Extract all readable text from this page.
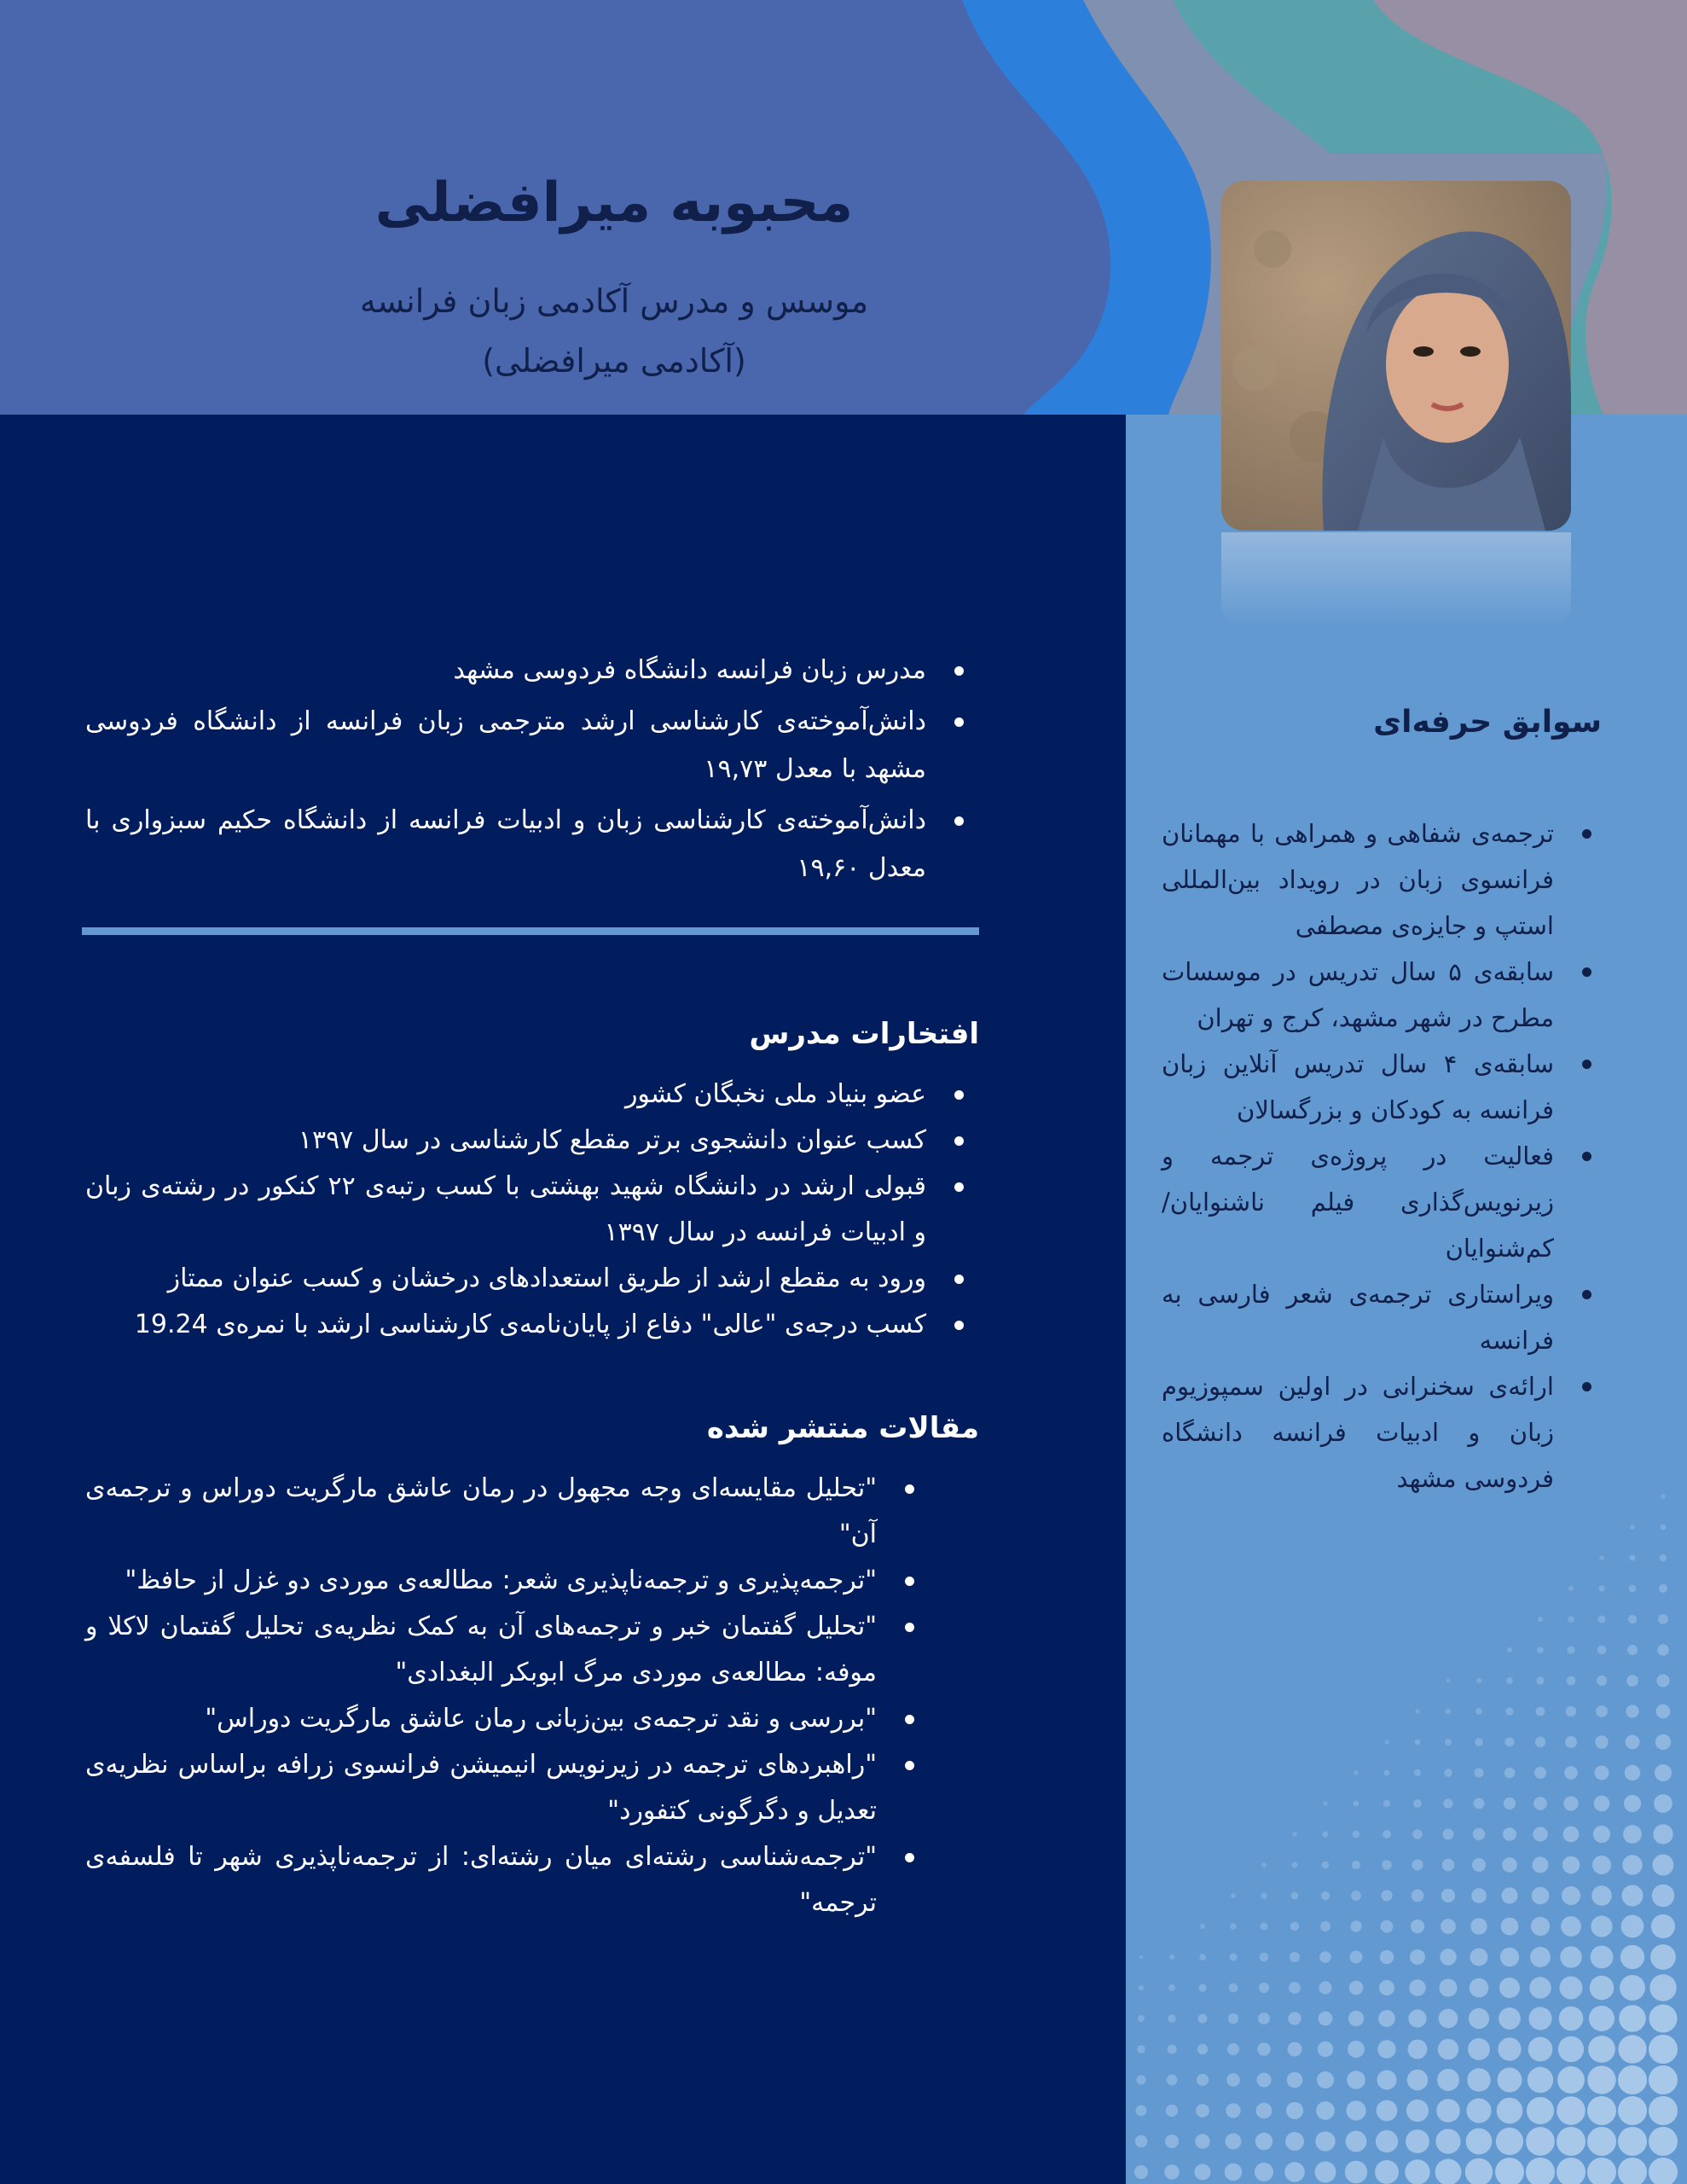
محبوبه میرافضلی
موسس و مدرس آکادمی زبان فرانسه
(آکادمی میرافضلی)
مدرس زبان فرانسه دانشگاه فردوسی مشهد
دانش‌آموخته‌ی کارشناسی ارشد مترجمی زبان فرانسه از دانشگاه فردوسی مشهد با معدل ۱۹,۷۳
دانش‌آموخته‌ی کارشناسی زبان و ادبیات فرانسه از دانشگاه حکیم سبزواری با معدل ۱۹,۶۰
افتخارات مدرس
عضو بنیاد ملی نخبگان کشور
کسب عنوان دانشجوی برتر مقطع کارشناسی در سال ۱۳۹۷
قبولی ارشد در دانشگاه شهید بهشتی با کسب رتبه‌ی ۲۲ کنکور در رشته‌ی زبان و ادبیات فرانسه در سال ۱۳۹۷
ورود به مقطع ارشد از طریق استعدادهای درخشان و کسب عنوان ممتاز
کسب درجه‌ی "عالی" دفاع از پایان‌نامه‌ی کارشناسی ارشد با نمره‌ی 19.24
مقالات منتشر شده
"تحلیل مقایسه‌ای وجه مجهول در رمان عاشق مارگریت دوراس و ترجمه‌ی آن"
"ترجمه‌پذیری و ترجمه‌ناپذیری شعر: مطالعه‌ی موردی دو غزل از حافظ"
"تحلیل گفتمان خبر و ترجمه‌های آن به کمک نظریه‌ی تحلیل گفتمان لاکلا و موفه: مطالعه‌ی موردی مرگ ابوبکر البغدادی"
"بررسی و نقد ترجمه‌ی بین‌زبانی رمان عاشق مارگریت دوراس"
"راهبردهای ترجمه در زیرنویس انیمیشن فرانسوی زرافه براساس نظریه‌ی تعدیل و دگرگونی کتفورد"
"ترجمه‌شناسی رشته‌ای میان رشته‌ای: از ترجمه‌ناپذیری شهر تا فلسفه‌ی ترجمه"
سوابق حرفه‌ای
ترجمه‌ی شفاهی و همراهی با مهمانان فرانسوی زبان در رویداد بین‌المللی استپ و جایزه‌ی مصطفی
سابقه‌ی ۵ سال تدریس در موسسات مطرح در شهر مشهد، کرج و تهران
سابقه‌ی ۴ سال تدریس آنلاین زبان فرانسه به کودکان و بزرگسالان
فعالیت در پروژه‌ی ترجمه و زیرنویس‌گذاری فیلم ناشنوایان/کم‌شنوایان
ویراستاری ترجمه‌ی شعر فارسی به فرانسه
ارائه‌ی سخنرانی در اولین سمپوزیوم زبان و ادبیات فرانسه دانشگاه فردوسی مشهد
